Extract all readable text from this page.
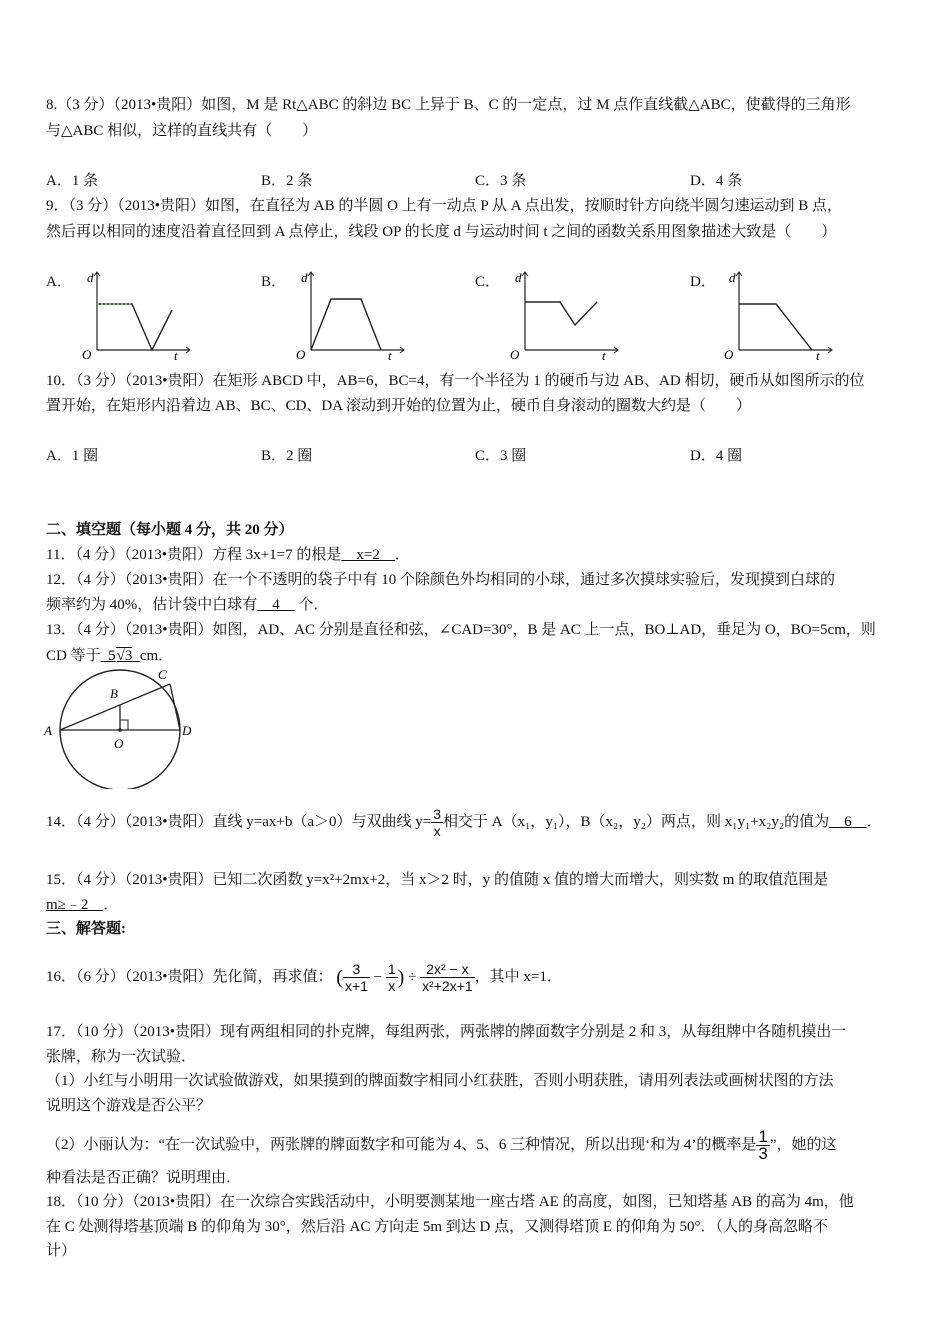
8.（3 分）（2013•贵阳）如图，M 是 Rt△ABC 的斜边 BC 上异于 B、C 的一定点，过 M 点作直线截△ABC，使截得的三角形
与△ABC 相似，这样的直线共有（　　）
A．1 条	B．2 条	C．3 条	D．4 条
9．（3 分）（2013•贵阳）如图，在直径为 AB 的半圆 O 上有一动点 P 从 A 点出发，按顺时针方向绕半圆匀速运动到 B 点，
然后再以相同的速度沿着直径回到 A 点停止，线段 OP 的长度 d 与运动时间 t 之间的函数关系用图象描述大致是（　　）
A． d
O	t
B． d
O	t
C． d
O	t
D． d
O	t
10．（3 分）（2013•贵阳）在矩形 ABCD 中，AB=6，BC=4，有一个半径为 1 的硬币与边 AB、AD 相切，硬币从如图所示的位
置开始，在矩形内沿着边 AB、BC、CD、DA 滚动到开始的位置为止，硬币自身滚动的圈数大约是（　　）
A．1 圈	B．2 圈	C．3 圈	D．4 圈
二、填空题（每小题 4 分，共 20 分）
11．（4 分）（2013•贵阳）方程 3x+1=7 的根是　x=2　．
12．（4 分）（2013•贵阳）在一个不透明的袋子中有 10 个除颜色外均相同的小球，通过多次摸球实验后，发现摸到白球的
频率约为 40%，估计袋中白球有　4　 个．
13．（4 分）（2013•贵阳）如图，AD、AC 分别是直径和弦，∠CAD=30°，B 是 AC 上一点，BO⊥AD，垂足为 O，BO=5cm，则
CD 等于 5√3 cm．
A
B
C
D
O
14．（4 分）（2013•贵阳）直线 y=ax+b（a＞0）与双曲线 $y= \frac{3}{x}$ 相交于 A（x₁，y₁），B（x₂，y₂）两点，则 x₁y₁+x₂y₂的值为　6　．
15．（4 分）（2013•贵阳）已知二次函数 y=x²+2mx+2，当 x＞2 时，y 的值随 x 值的增大而增大，则实数 m 的取值范围是
m≥﹣2　．
三、解答题:
16．（6 分）（2013•贵阳）先化简，再求值： ( $\frac{3}{x+1} - \frac{1}{x}$ ) ÷ $\frac{\text{2x² − x}}{\text{x²+2x+1}}$ ，其中 x=1．
17．（10 分）（2013•贵阳）现有两组相同的扑克牌，每组两张，两张牌的牌面数字分别是 2 和 3，从每组牌中各随机摸出一
张牌，称为一次试验．
（1）小红与小明用一次试验做游戏，如果摸到的牌面数字相同小红获胜，否则小明获胜，请用列表法或画树状图的方法
说明这个游戏是否公平？
（2）小丽认为：“在一次试验中，两张牌的牌面数字和可能为 4、5、6 三种情况，所以出现‘和为 4’的概率是 $\frac{1}{3}$ ”，她的这
种看法是否正确？说明理由．
18．（10 分）（2013•贵阳）在一次综合实践活动中，小明要测某地一座古塔 AE 的高度，如图，已知塔基 AB 的高为 4m，他
在 C 处测得塔基顶端 B 的仰角为 30°，然后沿 AC 方向走 5m 到达 D 点，又测得塔顶 E 的仰角为 50°．（人的身高忽略不
计）
